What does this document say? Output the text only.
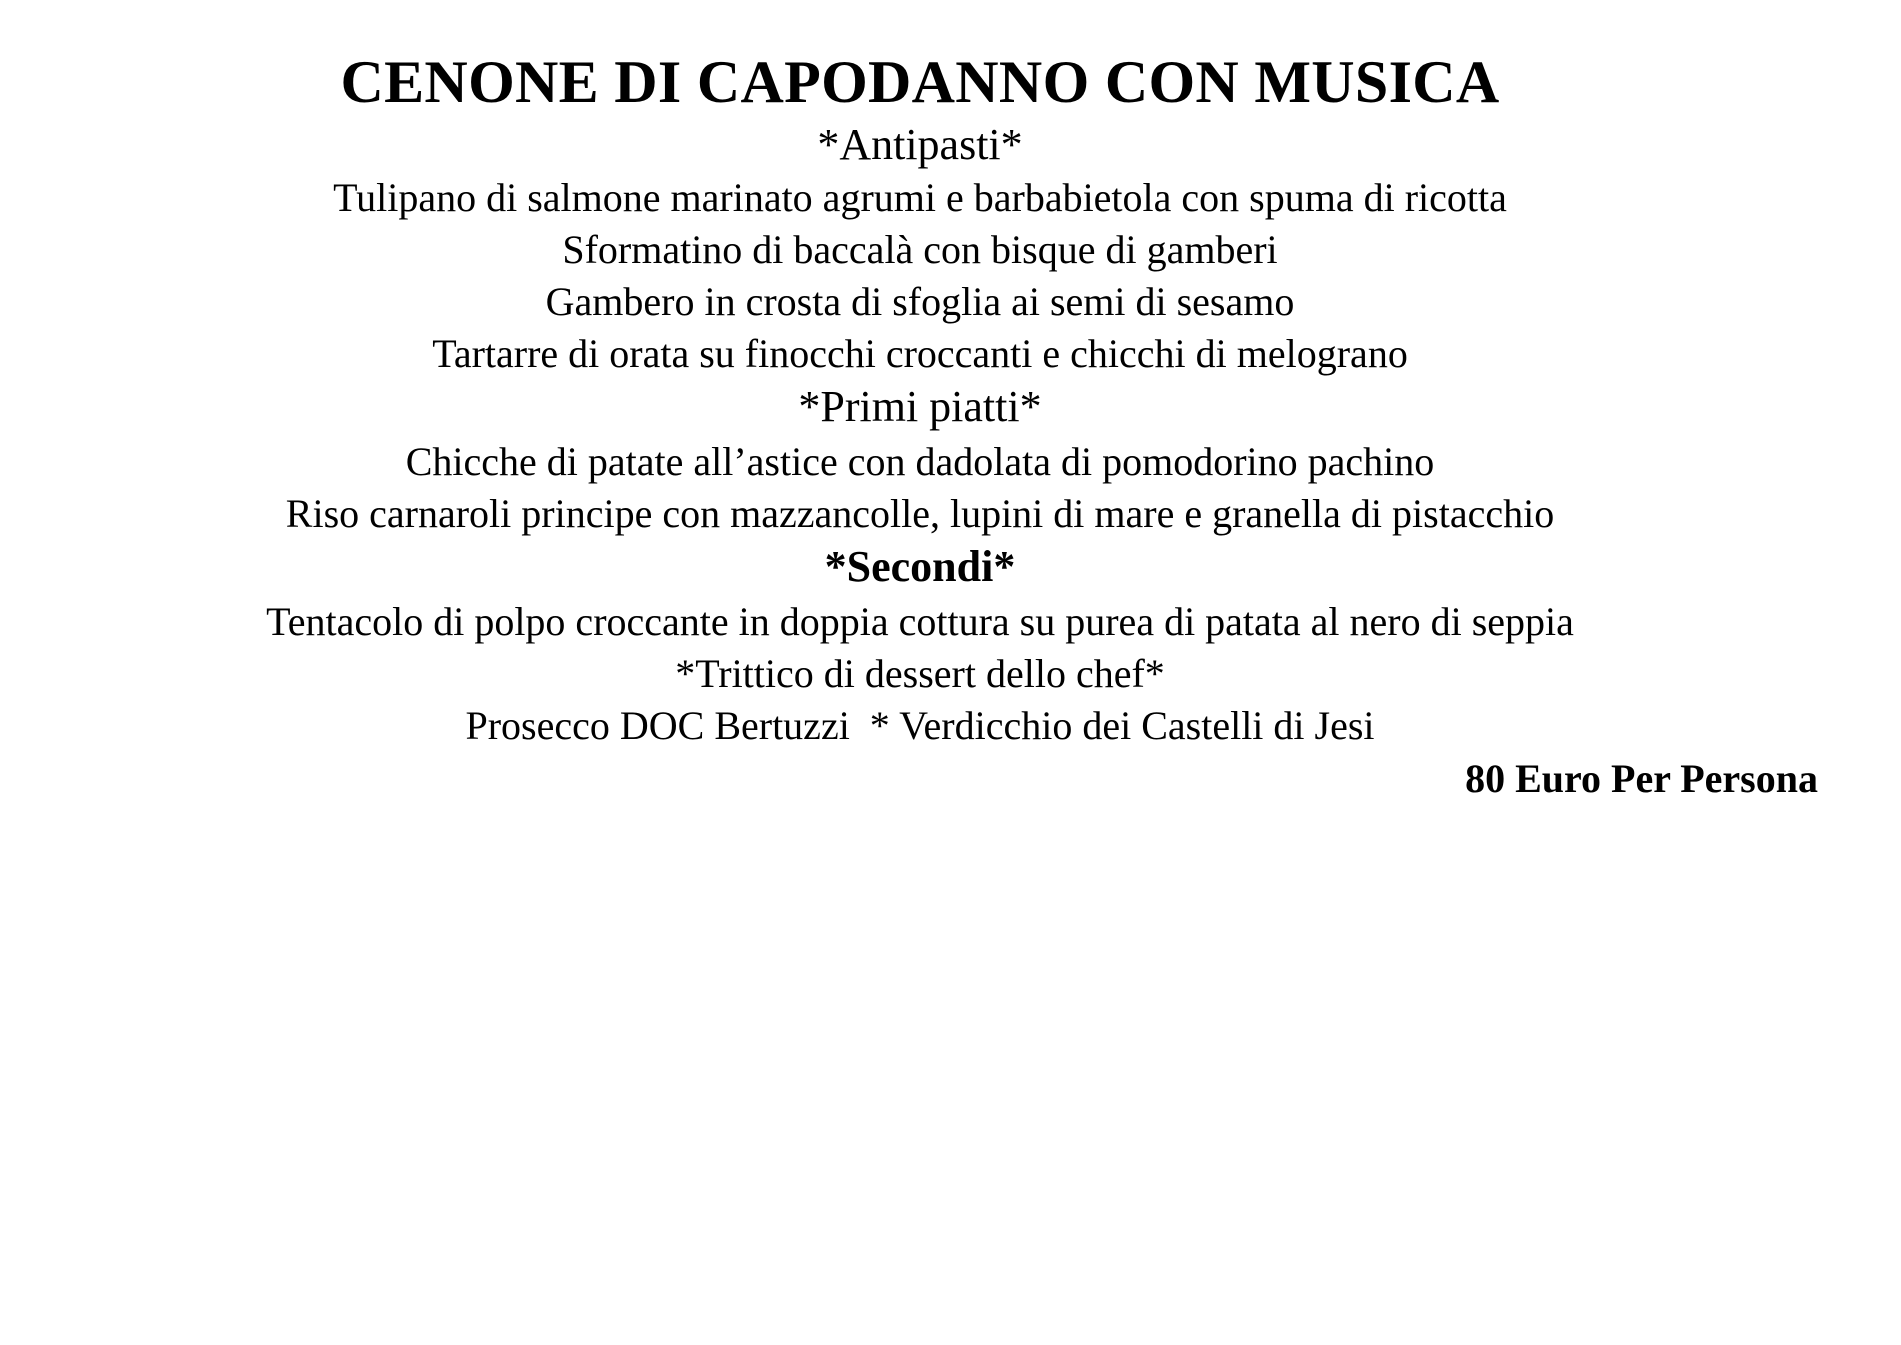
CENONE DI CAPODANNO CON MUSICA
*Antipasti*
Tulipano di salmone marinato agrumi e barbabietola con spuma di ricotta
Sformatino di baccalà con bisque di gamberi
Gambero in crosta di sfoglia ai semi di sesamo
Tartarre di orata su finocchi croccanti e chicchi di melograno
*Primi piatti*
Chicche di patate all’astice con dadolata di pomodorino pachino
Riso carnaroli principe con mazzancolle, lupini di mare e granella di pistacchio
*Secondi*
Tentacolo di polpo croccante in doppia cottura su purea di patata al nero di seppia
*Trittico di dessert dello chef*
Prosecco DOC Bertuzzi  * Verdicchio dei Castelli di Jesi
80 Euro Per Persona
